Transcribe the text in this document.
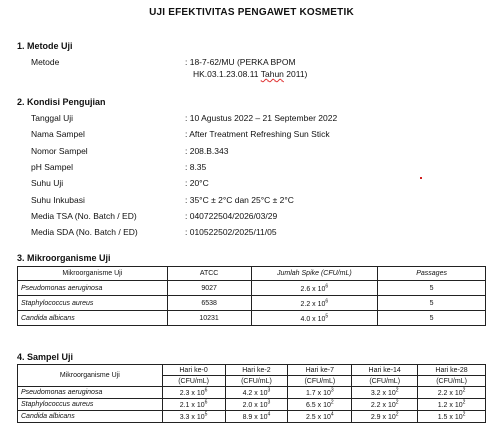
UJI EFEKTIVITAS PENGAWET KOSMETIK
1. Metode Uji
Metode	: 18-7-62/MU (PERKA BPOM
HK.03.1.23.08.11 Tahun 2011)
2. Kondisi Pengujian
Tanggal Uji	: 10 Agustus 2022 – 21 September 2022
Nama Sampel	: After Treatment Refreshing Sun Stick
Nomor Sampel	: 208.B.343
pH Sampel	: 8.35
Suhu Uji	: 20°C
Suhu Inkubasi	: 35°C ± 2°C dan 25°C ± 2°C
Media TSA (No. Batch / ED)	: 040722504/2026/03/29
Media SDA (No. Batch / ED)	: 010522502/2025/11/05
3. Mikroorganisme Uji
Mikroorganisme Uji	ATCC	Jumlah Spike (CFU/mL)	Passages
Pseudomonas aeruginosa	9027	2.6 x $10^6$	5
Staphylococcus aureus	6538	2.2 x $10^6$	5
Candida albicans	10231	4.0 x $10^5$	5
4. Sampel Uji
Mikroorganisme Uji	Hari ke-0	Hari ke-2	Hari ke-7	Hari ke-14	Hari ke-28
	(CFU/mL)	(CFU/mL)	(CFU/mL)	(CFU/mL)	(CFU/mL)
Pseudomonas aeruginosa	2.3 x $10^6$	4.2 x $10^3$	1.7 x $10^3$	3.2 x $10^2$	2.2 x $10^2$
Staphylococcus aureus	2.1 x $10^6$	2.0 x $10^3$	6.5 x $10^2$	2.2 x $10^2$	1.2 x $10^2$
Candida albicans	3.3 x $10^5$	8.9 x $10^4$	2.5 x $10^4$	2.9 x $10^2$	1.5 x $10^2$
